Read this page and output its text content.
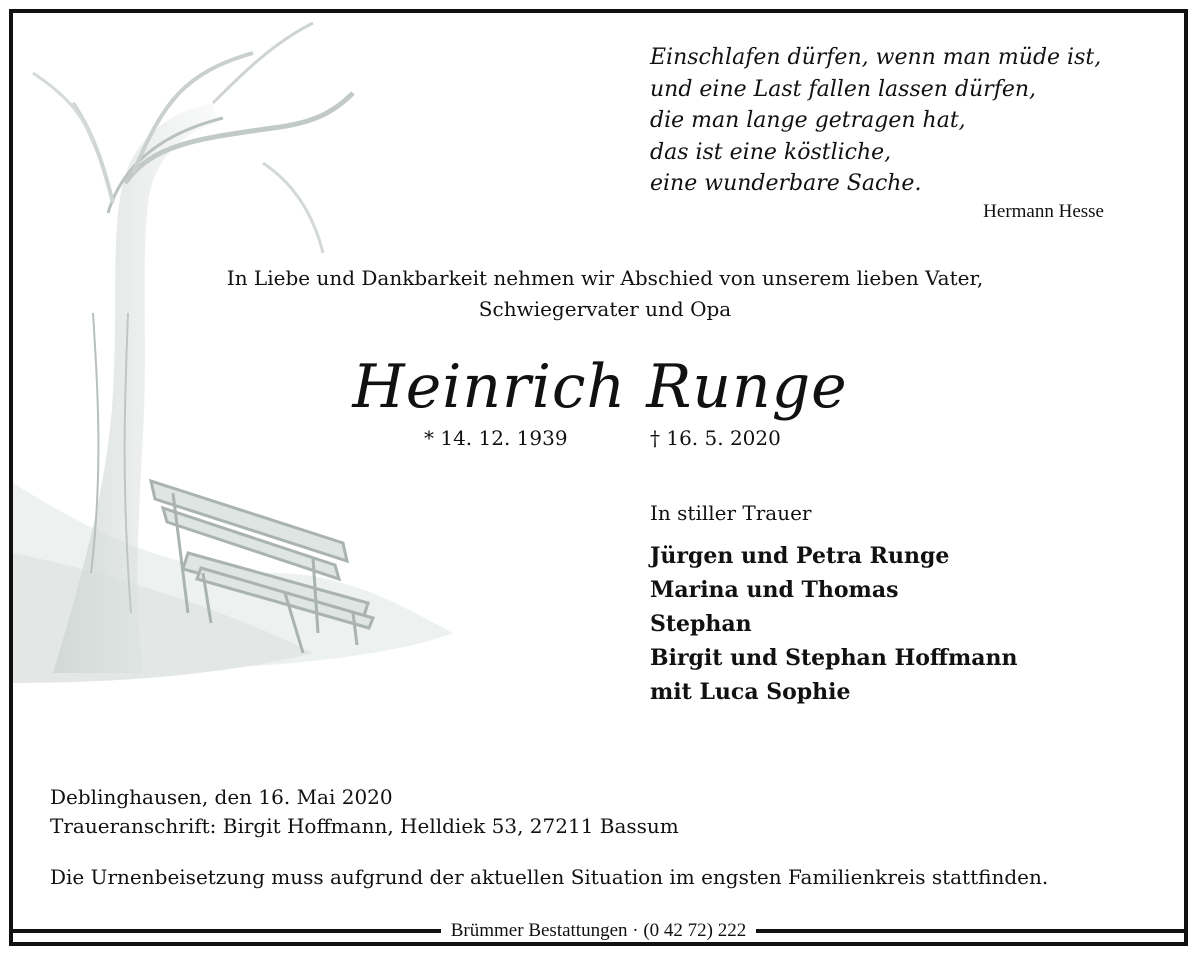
Einschlafen dürfen, wenn man müde ist,
und eine Last fallen lassen dürfen,
die man lange getragen hat,
das ist eine köstliche,
eine wunderbare Sache.
Hermann Hesse
In Liebe und Dankbarkeit nehmen wir Abschied von unserem lieben Vater,
Schwiegervater und Opa
Heinrich Runge
* 14. 12. 1939	† 16. 5. 2020
In stiller Trauer
Jürgen und Petra Runge
Marina und Thomas
Stephan
Birgit und Stephan Hoffmann
mit Luca Sophie
Deblinghausen, den 16. Mai 2020
Traueranschrift: Birgit Hoffmann, Helldiek 53, 27211 Bassum
Die Urnenbeisetzung muss aufgrund der aktuellen Situation im engsten Familienkreis stattfinden.
Brümmer Bestattungen · (0 42 72) 222
